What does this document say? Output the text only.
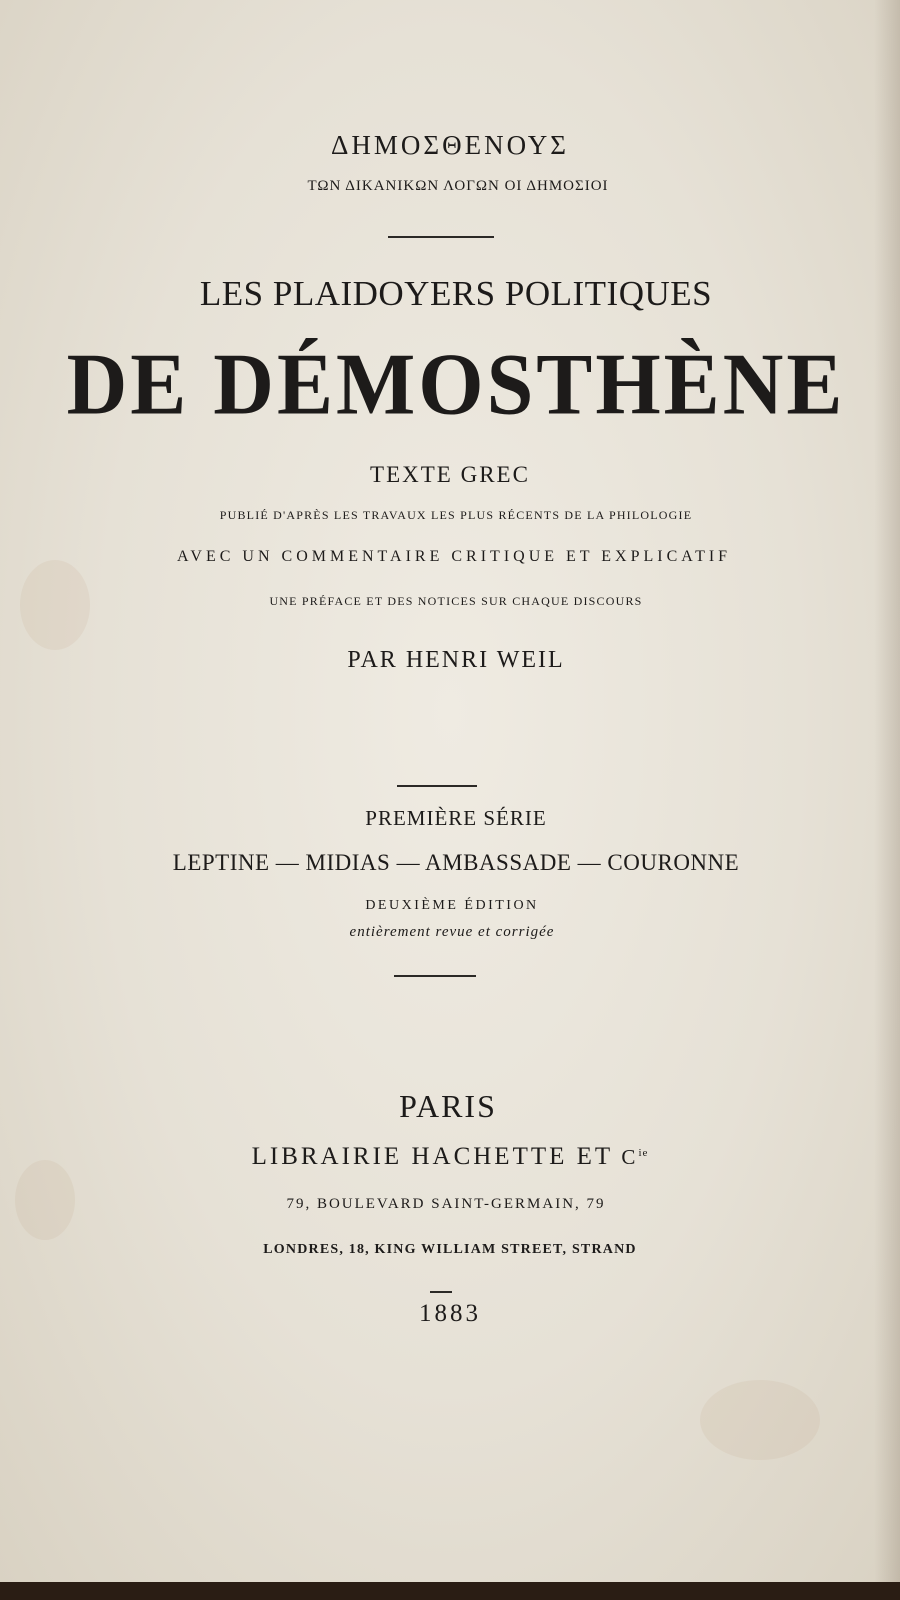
ΔΗΜΟΣΘΕΝΟΥΣ
ΤΩΝ ΔΙΚΑΝΙΚΩΝ ΛΟΓΩΝ ΟΙ ΔΗΜΟΣΙΟΙ
LES PLAIDOYERS POLITIQUES
DE DÉMOSTHÈNE
TEXTE GREC
PUBLIÉ D'APRÈS LES TRAVAUX LES PLUS RÉCENTS DE LA PHILOLOGIE
AVEC UN COMMENTAIRE CRITIQUE ET EXPLICATIF
UNE PRÉFACE ET DES NOTICES SUR CHAQUE DISCOURS
PAR HENRI WEIL
PREMIÈRE SÉRIE
LEPTINE — MIDIAS — AMBASSADE — COURONNE
DEUXIÈME ÉDITION
entièrement revue et corrigée
PARIS
LIBRAIRIE HACHETTE ET $C^{ie}$
79, BOULEVARD SAINT-GERMAIN, 79
LONDRES, 18, KING WILLIAM STREET, STRAND
1883
